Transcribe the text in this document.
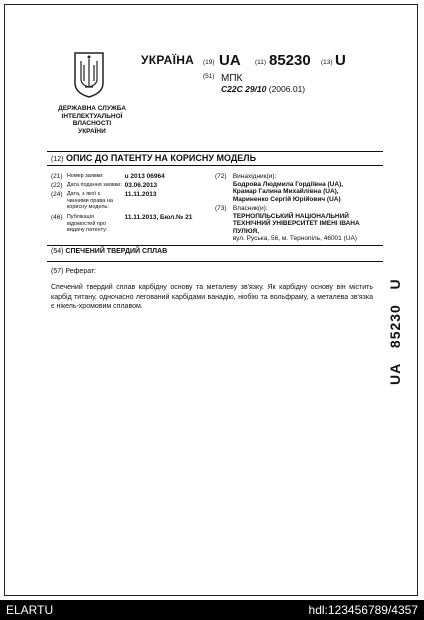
ДЕРЖАВНА СЛУЖБА
ІНТЕЛЕКТУАЛЬНОЇ
ВЛАСНОСТІ
УКРАЇНИ
УКРАЇНА (19) UA (11) 85230 (13) U
(51) МПК
C22C 29/10 (2006.01)
(12) ОПИС ДО ПАТЕНТУ НА КОРИСНУ МОДЕЛЬ
(21) Номер заявки:	u 2013 06964
(22) Дата подання заявки: 03.06.2013
(24) Дата, з якої є чинними права на корисну модель: 11.11.2013
(46) Публікація відомостей про видачу патенту: 11.11.2013, Бюл.№ 21
(72) Винахідник(и):
Бодрова Людмила Гордіївна (UA),
Крамар Галина Михайлівна (UA),
Мариненко Сергій Юрійович (UA)
(73) Власник(и):
ТЕРНОПІЛЬСЬКИЙ НАЦІОНАЛЬНИЙ
ТЕХНІЧНИЙ УНІВЕРСИТЕТ ІМЕНІ ІВАНА
ПУЛЮЯ,
вул. Руська, 56, м. Тернопіль, 46001 (UA)
(54) СПЕЧЕНИЙ ТВЕРДИЙ СПЛАВ
(57) Реферат:
Спечений твердий сплав карбідну основу та металеву зв'язку. Як карбідну основу він містить карбід титану, одночасно легований карбідами ванадію, ніобію та вольфраму, а металева зв'язка є нікель-хромовим сплавом.
UA   85230   U
ELARTU	hdl:123456789/4357
